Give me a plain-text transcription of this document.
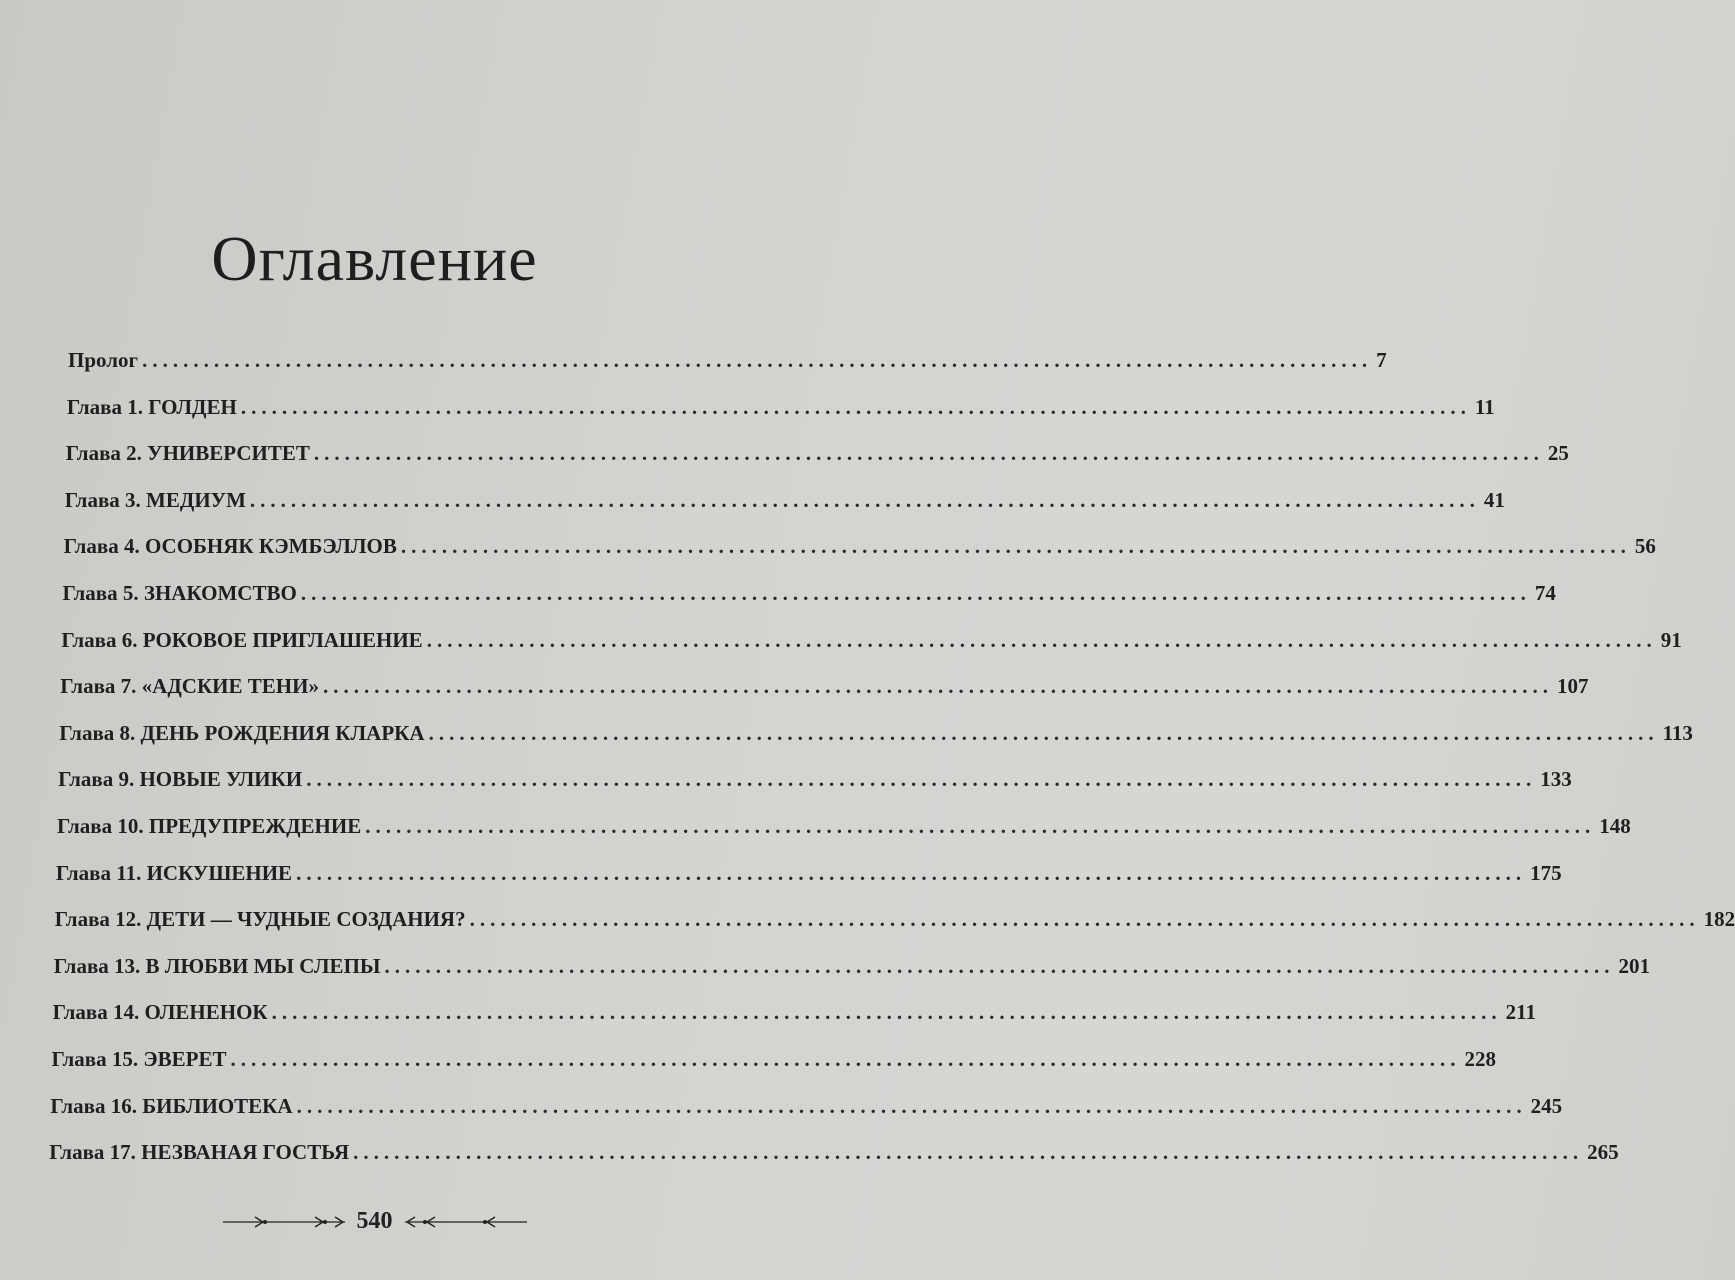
Оглавление
Пролог ........................................................................................................................ 7
Глава 1. ГОЛДЕН ........................................................................................................................ 11
Глава 2. УНИВЕРСИТЕТ ........................................................................................................................ 25
Глава 3. МЕДИУМ ........................................................................................................................ 41
Глава 4. ОСОБНЯК КЭМБЭЛЛОВ ........................................................................................................................ 56
Глава 5. ЗНАКОМСТВО ........................................................................................................................ 74
Глава 6. РОКОВОЕ ПРИГЛАШЕНИЕ ........................................................................................................................ 91
Глава 7. «АДСКИЕ ТЕНИ» ........................................................................................................................ 107
Глава 8. ДЕНЬ РОЖДЕНИЯ КЛАРКА ........................................................................................................................ 113
Глава 9. НОВЫЕ УЛИКИ ........................................................................................................................ 133
Глава 10. ПРЕДУПРЕЖДЕНИЕ ........................................................................................................................ 148
Глава 11. ИСКУШЕНИЕ ........................................................................................................................ 175
Глава 12. ДЕТИ — ЧУДНЫЕ СОЗДАНИЯ? ........................................................................................................................ 182
Глава 13. В ЛЮБВИ МЫ СЛЕПЫ ........................................................................................................................ 201
Глава 14. ОЛЕНЕНОК ........................................................................................................................ 211
Глава 15. ЭВЕРЕТ ........................................................................................................................ 228
Глава 16. БИБЛИОТЕКА ........................................................................................................................ 245
Глава 17. НЕЗВАНАЯ ГОСТЬЯ ........................................................................................................................ 265
540
